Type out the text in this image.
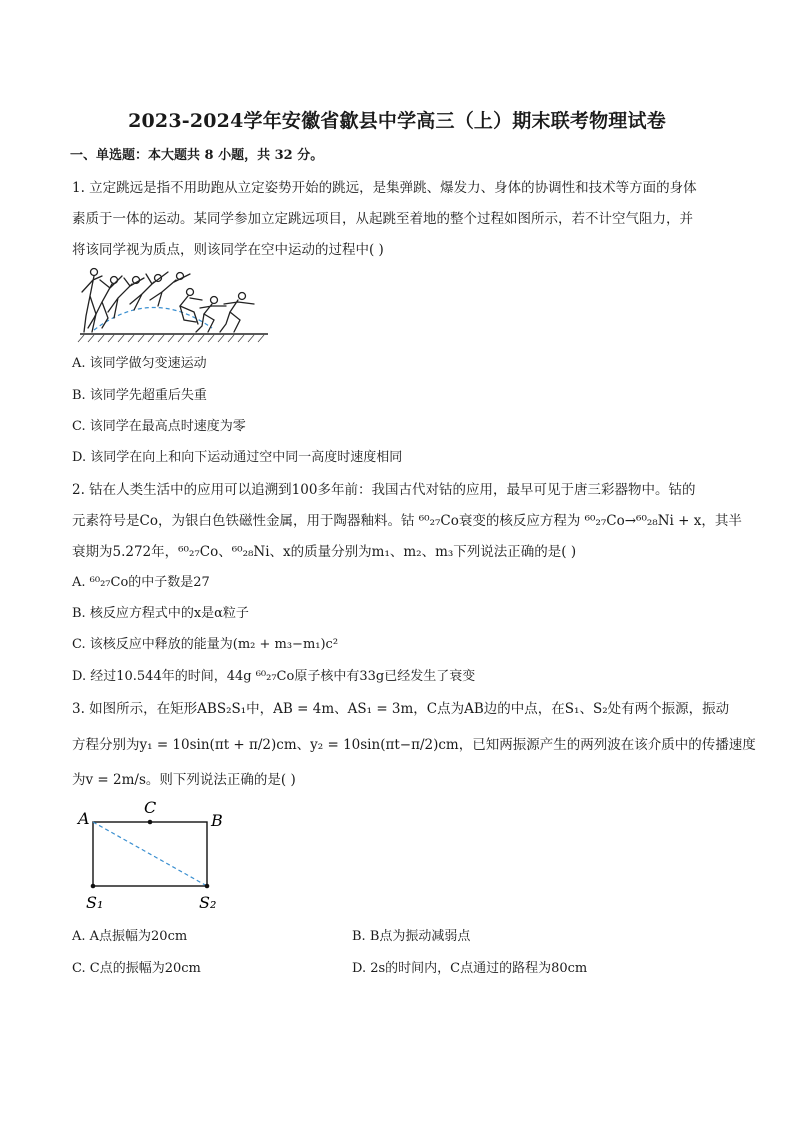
2023-2024学年安徽省歙县中学高三（上）期末联考物理试卷
一、单选题：本大题共 8 小题，共 32 分。
1. 立定跳远是指不用助跑从立定姿势开始的跳远，是集弹跳、爆发力、身体的协调性和技术等方面的身体
素质于一体的运动。某同学参加立定跳远项目，从起跳至着地的整个过程如图所示，若不计空气阻力，并
将该同学视为质点，则该同学在空中运动的过程中( )
A. 该同学做匀变速运动
B. 该同学先超重后失重
C. 该同学在最高点时速度为零
D. 该同学在向上和向下运动通过空中同一高度时速度相同
2. 钴在人类生活中的应用可以追溯到100多年前：我国古代对钴的应用，最早可见于唐三彩器物中。钴的
元素符号是Co，为银白色铁磁性金属，用于陶器釉料。钴 ⁶⁰₂₇Co衰变的核反应方程为 ⁶⁰₂₇Co→⁶⁰₂₈Ni + x，其半
衰期为5.272年，⁶⁰₂₇Co、⁶⁰₂₈Ni、x的质量分别为m₁、m₂、m₃下列说法正确的是( )
A. ⁶⁰₂₇Co的中子数是27
B. 核反应方程式中的x是α粒子
C. 该核反应中释放的能量为(m₂ + m₃−m₁)c²
D. 经过10.544年的时间，44g ⁶⁰₂₇Co原子核中有33g已经发生了衰变
3. 如图所示，在矩形ABS₂S₁中，AB = 4m、AS₁ = 3m，C点为AB边的中点，在S₁、S₂处有两个振源，振动
方程分别为y₁ = 10sin(πt + π/2)cm、y₂ = 10sin(πt−π/2)cm，已知两振源产生的两列波在该介质中的传播速度
为v = 2m/s。则下列说法正确的是( )
A
C
B
S₁	S₂
A. A点振幅为20cm	B. B点为振动减弱点
C. C点的振幅为20cm	D. 2s的时间内，C点通过的路程为80cm
